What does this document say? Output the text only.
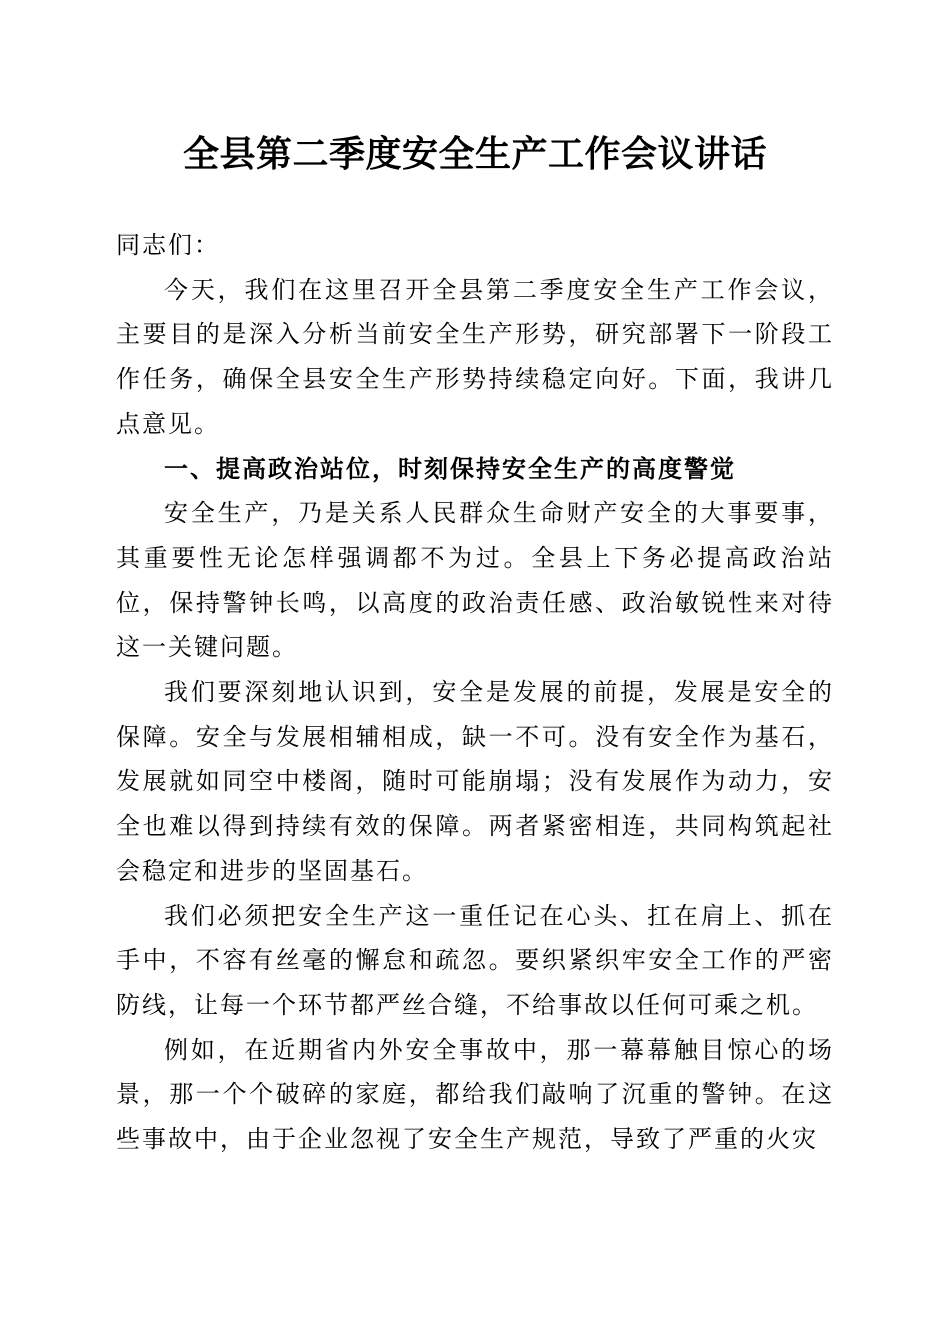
全县第二季度安全生产工作会议讲话

同志们：

今天，我们在这里召开全县第二季度安全生产工作会议，主要目的是深入分析当前安全生产形势，研究部署下一阶段工作任务，确保全县安全生产形势持续稳定向好。下面，我讲几点意见。

一、提高政治站位，时刻保持安全生产的高度警觉

安全生产，乃是关系人民群众生命财产安全的大事要事，其重要性无论怎样强调都不为过。全县上下务必提高政治站位，保持警钟长鸣，以高度的政治责任感、政治敏锐性来对待这一关键问题。

我们要深刻地认识到，安全是发展的前提，发展是安全的保障。安全与发展相辅相成，缺一不可。没有安全作为基石，发展就如同空中楼阁，随时可能崩塌；没有发展作为动力，安全也难以得到持续有效的保障。两者紧密相连，共同构筑起社会稳定和进步的坚固基石。

我们必须把安全生产这一重任记在心头、扛在肩上、抓在手中，不容有丝毫的懈怠和疏忽。要织紧织牢安全工作的严密防线，让每一个环节都严丝合缝，不给事故以任何可乘之机。

例如，在近期省内外安全事故中，那一幕幕触目惊心的场景，那一个个破碎的家庭，都给我们敲响了沉重的警钟。在这些事故中，由于企业忽视了安全生产规范，导致了严重的火灾
